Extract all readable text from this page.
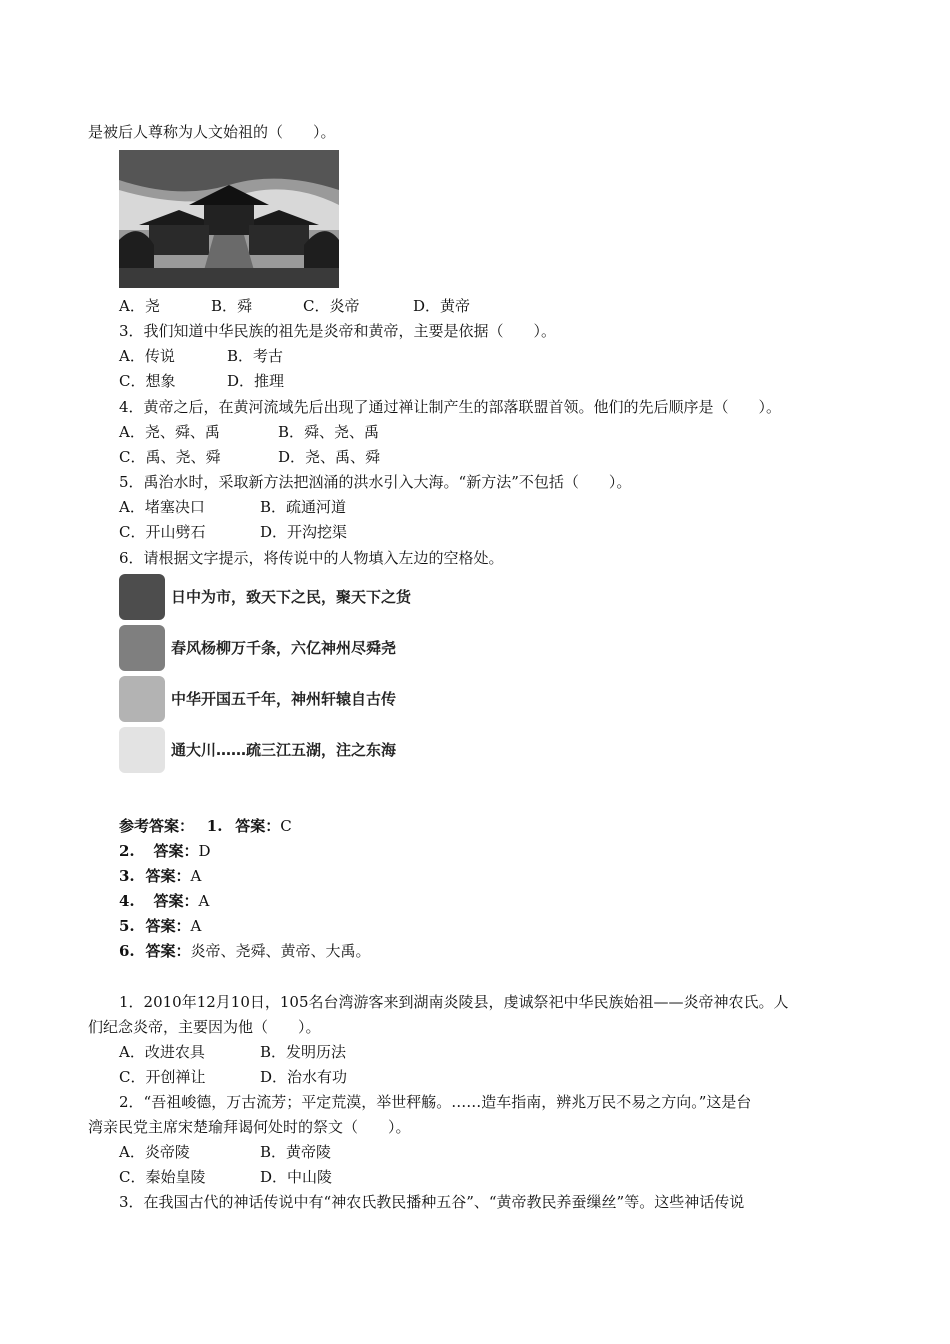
是被后人尊称为人文始祖的（　　）。
A．尧	B．舜	C．炎帝	D．黄帝
3．我们知道中华民族的祖先是炎帝和黄帝，主要是依据（　　）。
A．传说	B．考古
C．想象	D．推理
4．黄帝之后，在黄河流域先后出现了通过禅让制产生的部落联盟首领。他们的先后顺序是（　　）。
A．尧、舜、禹	B．舜、尧、禹
C．禹、尧、舜	D．尧、禹、舜
5．禹治水时，采取新方法把汹涌的洪水引入大海。“新方法”不包括（　　）。
A．堵塞决口	B．疏通河道
C．开山劈石	D．开沟挖渠
6．请根据文字提示，将传说中的人物填入左边的空格处。
日中为市，致天下之民，聚天下之货
春风杨柳万千条，六亿神州尽舜尧
中华开国五千年，神州轩辕自古传
通大川……疏三江五湖，注之东海
参考答案： 1. 答案：C
2. 答案：D
3. 答案：A
4. 答案：A
5. 答案：A
6. 答案：炎帝、尧舜、黄帝、大禹。
1．2010年12月10日，105名台湾游客来到湖南炎陵县，虔诚祭祀中华民族始祖——炎帝神农氏。人
们纪念炎帝，主要因为他（　　）。
A．改进农具	B．发明历法
C．开创禅让	D．治水有功
2．“吾祖峻德，万古流芳；平定荒漠，举世秤觞。……造车指南，辨兆万民不易之方向。”这是台
湾亲民党主席宋楚瑜拜谒何处时的祭文（　　）。
A．炎帝陵	B．黄帝陵
C．秦始皇陵	D．中山陵
3．在我国古代的神话传说中有“神农氏教民播种五谷”、“黄帝教民养蚕缫丝”等。这些神话传说
